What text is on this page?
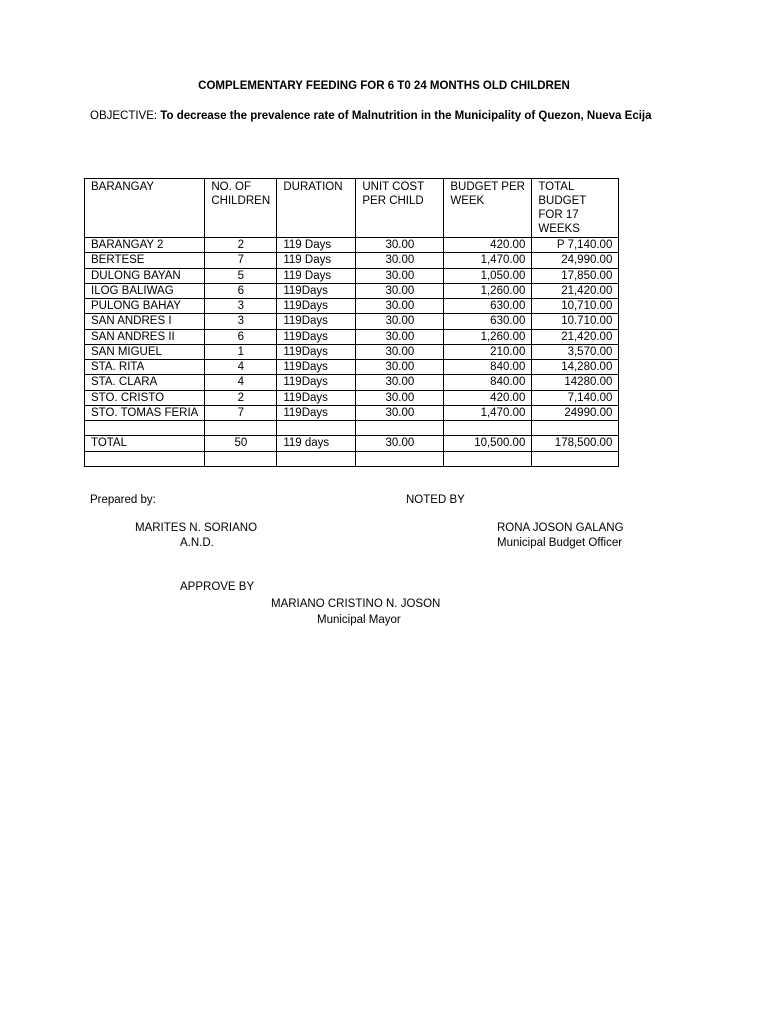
COMPLEMENTARY FEEDING FOR 6 T0 24 MONTHS OLD CHILDREN
OBJECTIVE: To decrease the prevalence rate of Malnutrition in the Municipality of Quezon, Nueva Ecija
BARANGAY	NO. OF CHILDREN	DURATION	UNIT COST PER CHILD	BUDGET PER WEEK	TOTAL BUDGET FOR 17 WEEKS
BARANGAY 2	2	119 Days	30.00	420.00	P 7,140.00
BERTESE	7	119 Days	30.00	1,470.00	24,990.00
DULONG BAYAN	5	119 Days	30.00	1,050.00	17,850.00
ILOG BALIWAG	6	119Days	30.00	1,260.00	21,420.00
PULONG BAHAY	3	119Days	30.00	630.00	10,710.00
SAN ANDRES I	3	119Days	30.00	630.00	10.710.00
SAN ANDRES II	6	119Days	30.00	1,260.00	21,420.00
SAN MIGUEL	1	119Days	30.00	210.00	3,570.00
STA. RITA	4	119Days	30.00	840.00	14,280.00
STA. CLARA	4	119Days	30.00	840.00	14280.00
STO. CRISTO	2	119Days	30.00	420.00	7,140.00
STO. TOMAS FERIA	7	119Days	30.00	1,470.00	24990.00

TOTAL	50	119 days	30.00	10,500.00	178,500.00

Prepared by:	NOTED BY
MARITES N. SORIANO
A.N.D.
RONA JOSON GALANG
Municipal Budget Officer
APPROVE BY
MARIANO CRISTINO N. JOSON
Municipal Mayor
